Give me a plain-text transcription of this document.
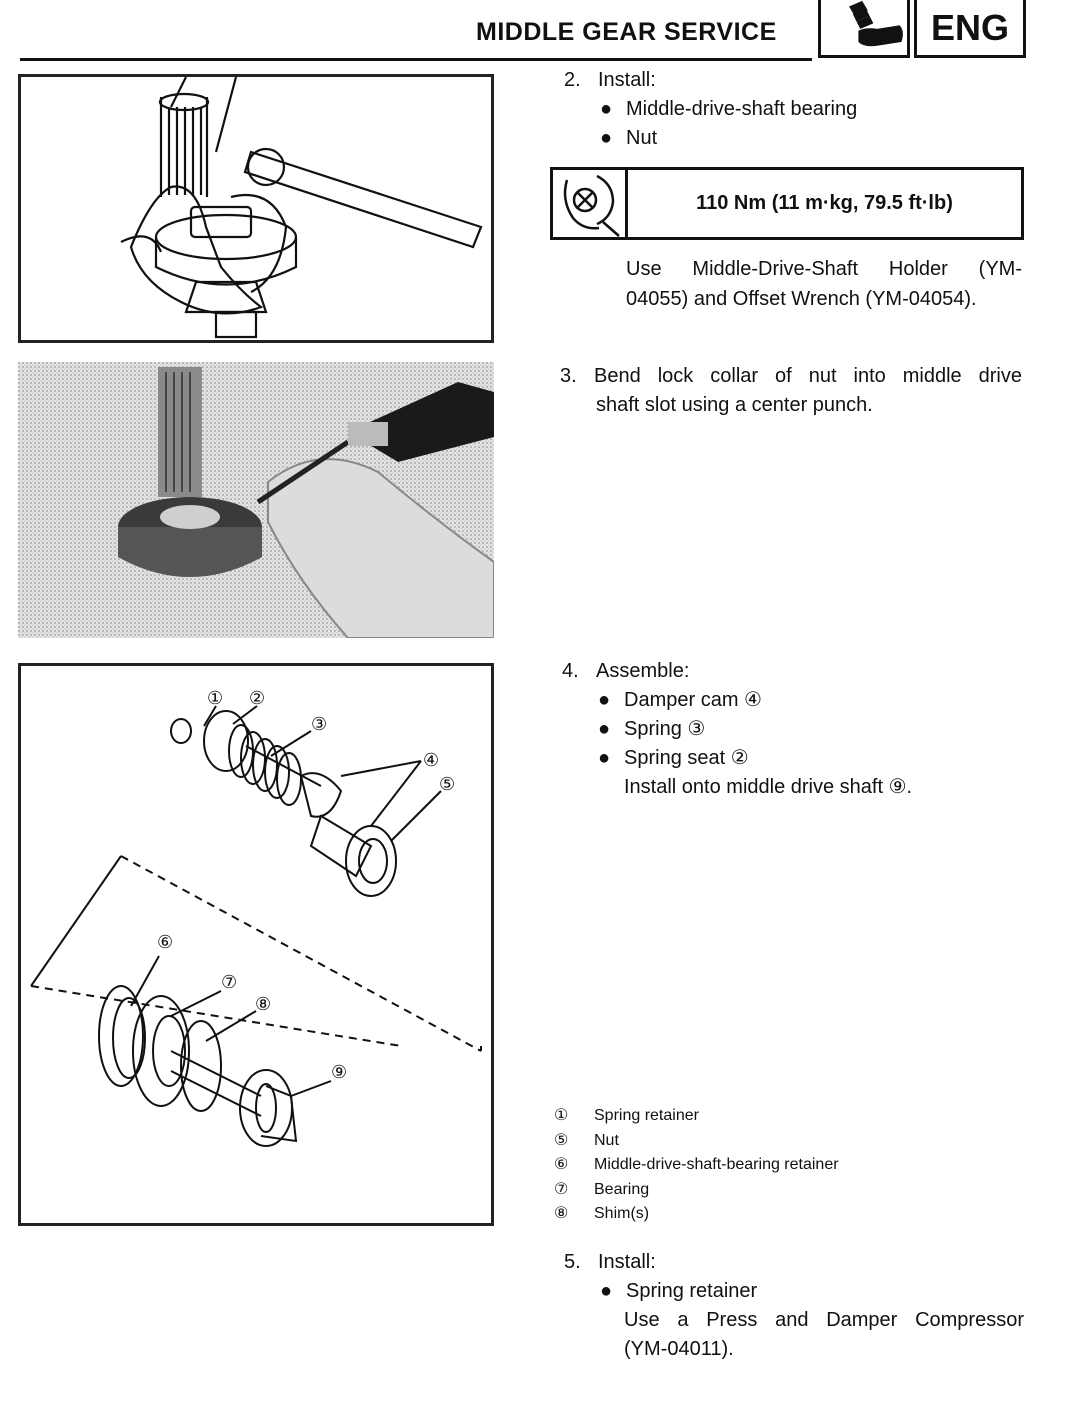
MIDDLE GEAR SERVICE	ENG
① ②
③
④
⑤
⑥
⑦
⑧
⑨
2. Install:
● Middle-drive-shaft bearing
● Nut
110 Nm (11 m·kg, 79.5 ft·lb)
Use Middle-Drive-Shaft Holder (YM-
04055) and Offset Wrench (YM-04054).
3. Bend lock collar of nut into middle drive
shaft slot using a center punch.
4. Assemble:
● Damper cam ④
● Spring ③
● Spring seat ②
Install onto middle drive shaft ⑨.
① Spring retainer
⑤ Nut
⑥ Middle-drive-shaft-bearing retainer
⑦ Bearing
⑧ Shim(s)
5. Install:
● Spring retainer
Use a Press and Damper Compressor
(YM-04011).
